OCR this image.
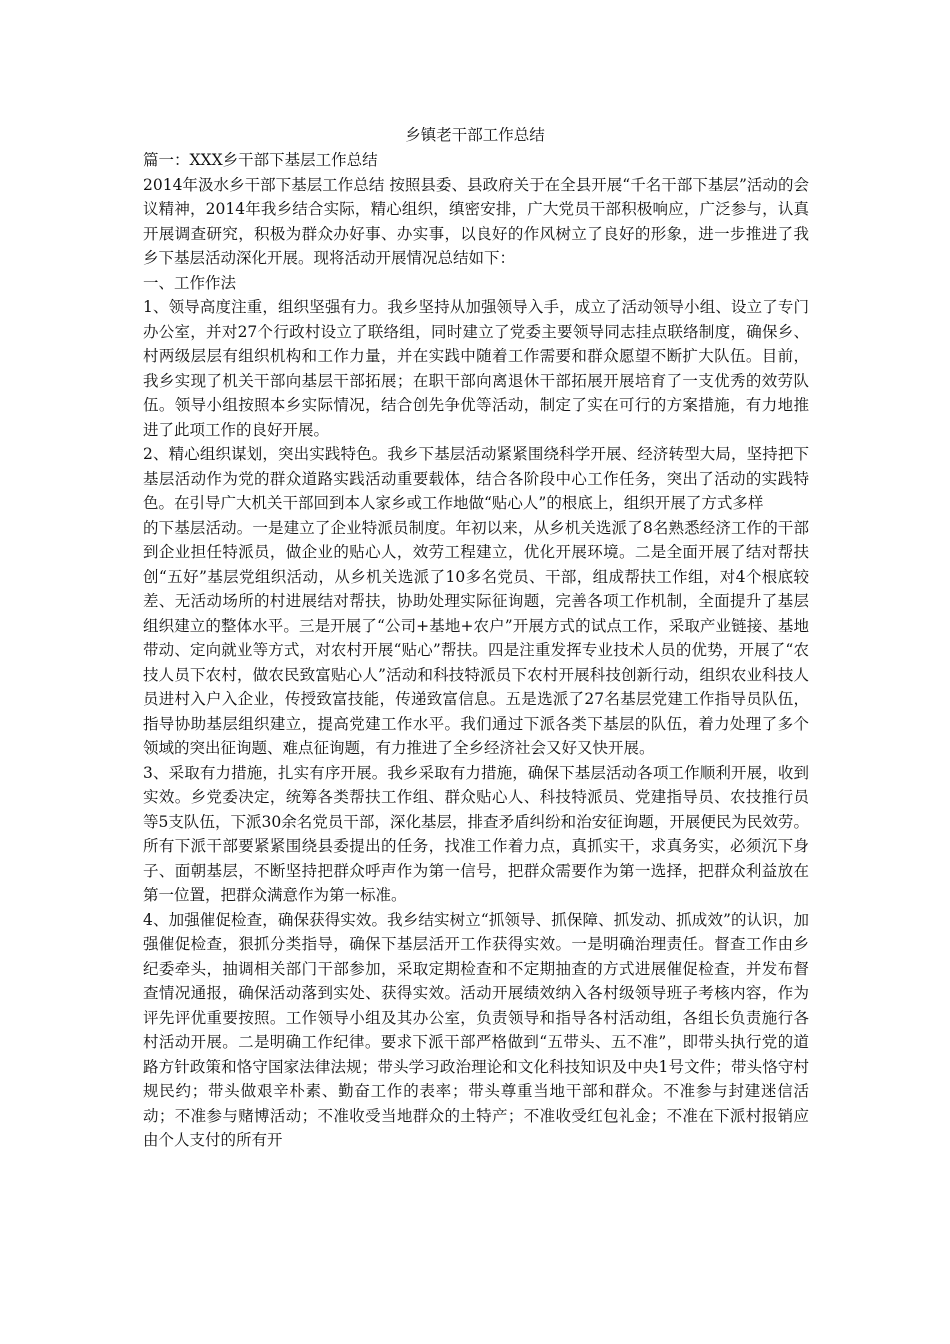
乡镇老干部工作总结

篇一：XXX乡干部下基层工作总结

2014年汲水乡干部下基层工作总结 按照县委、县政府关于在全县开展“千名干部下基层”活动的会议精神，2014年我乡结合实际，精心组织，缜密安排，广大党员干部积极响应，广泛参与，认真开展调查研究，积极为群众办好事、办实事，以良好的作风树立了良好的形象，进一步推进了我乡下基层活动深化开展。现将活动开展情况总结如下：

一、工作作法

1、领导高度注重，组织坚强有力。我乡坚持从加强领导入手，成立了活动领导小组、设立了专门办公室，并对27个行政村设立了联络组，同时建立了党委主要领导同志挂点联络制度，确保乡、村两级层层有组织机构和工作力量，并在实践中随着工作需要和群众愿望不断扩大队伍。目前，我乡实现了机关干部向基层干部拓展；在职干部向离退休干部拓展开展培育了一支优秀的效劳队伍。领导小组按照本乡实际情况，结合创先争优等活动，制定了实在可行的方案措施，有力地推进了此项工作的良好开展。

2、精心组织谋划，突出实践特色。我乡下基层活动紧紧围绕科学开展、经济转型大局，坚持把下基层活动作为党的群众道路实践活动重要载体，结合各阶段中心工作任务，突出了活动的实践特色。在引导广大机关干部回到本人家乡或工作地做“贴心人”的根底上，组织开展了方式多样

的下基层活动。一是建立了企业特派员制度。年初以来，从乡机关选派了8名熟悉经济工作的干部到企业担任特派员，做企业的贴心人，效劳工程建立，优化开展环境。二是全面开展了结对帮扶创“五好”基层党组织活动，从乡机关选派了10多名党员、干部，组成帮扶工作组，对4个根底较差、无活动场所的村进展结对帮扶，协助处理实际征询题，完善各项工作机制，全面提升了基层组织建立的整体水平。三是开展了“公司+基地+农户”开展方式的试点工作，采取产业链接、基地带动、定向就业等方式，对农村开展“贴心”帮扶。四是注重发挥专业技术人员的优势，开展了“农技人员下农村，做农民致富贴心人”活动和科技特派员下农村开展科技创新行动，组织农业科技人员进村入户入企业，传授致富技能，传递致富信息。五是选派了27名基层党建工作指导员队伍，指导协助基层组织建立，提高党建工作水平。我们通过下派各类下基层的队伍，着力处理了多个领域的突出征询题、难点征询题，有力推进了全乡经济社会又好又快开展。

3、采取有力措施，扎实有序开展。我乡采取有力措施，确保下基层活动各项工作顺利开展，收到实效。乡党委决定，统筹各类帮扶工作组、群众贴心人、科技特派员、党建指导员、农技推行员等5支队伍，下派30余名党员干部，深化基层，排查矛盾纠纷和治安征询题，开展便民为民效劳。所有下派干部要紧紧围绕县委提出的任务，找准工作着力点，真抓实干，求真务实，必须沉下身子、面朝基层，不断坚持把群众呼声作为第一信号，把群众需要作为第一选择，把群众利益放在第一位置，把群众满意作为第一标准。

4、加强催促检查，确保获得实效。我乡结实树立“抓领导、抓保障、抓发动、抓成效”的认识，加强催促检查，狠抓分类指导，确保下基层活开工作获得实效。一是明确治理责任。督查工作由乡纪委牵头，抽调相关部门干部参加，采取定期检查和不定期抽查的方式进展催促检查，并发布督查情况通报，确保活动落到实处、获得实效。活动开展绩效纳入各村级领导班子考核内容，作为评先评优重要按照。工作领导小组及其办公室，负责领导和指导各村活动组，各组长负责施行各村活动开展。二是明确工作纪律。要求下派干部严格做到“五带头、五不准”，即带头执行党的道路方针政策和恪守国家法律法规；带头学习政治理论和文化科技知识及中央1号文件；带头恪守村规民约；带头做艰辛朴素、勤奋工作的表率；带头尊重当地干部和群众。不准参与封建迷信活动；不准参与赌博活动；不准收受当地群众的土特产；不准收受红包礼金；不准在下派村报销应由个人支付的所有开
